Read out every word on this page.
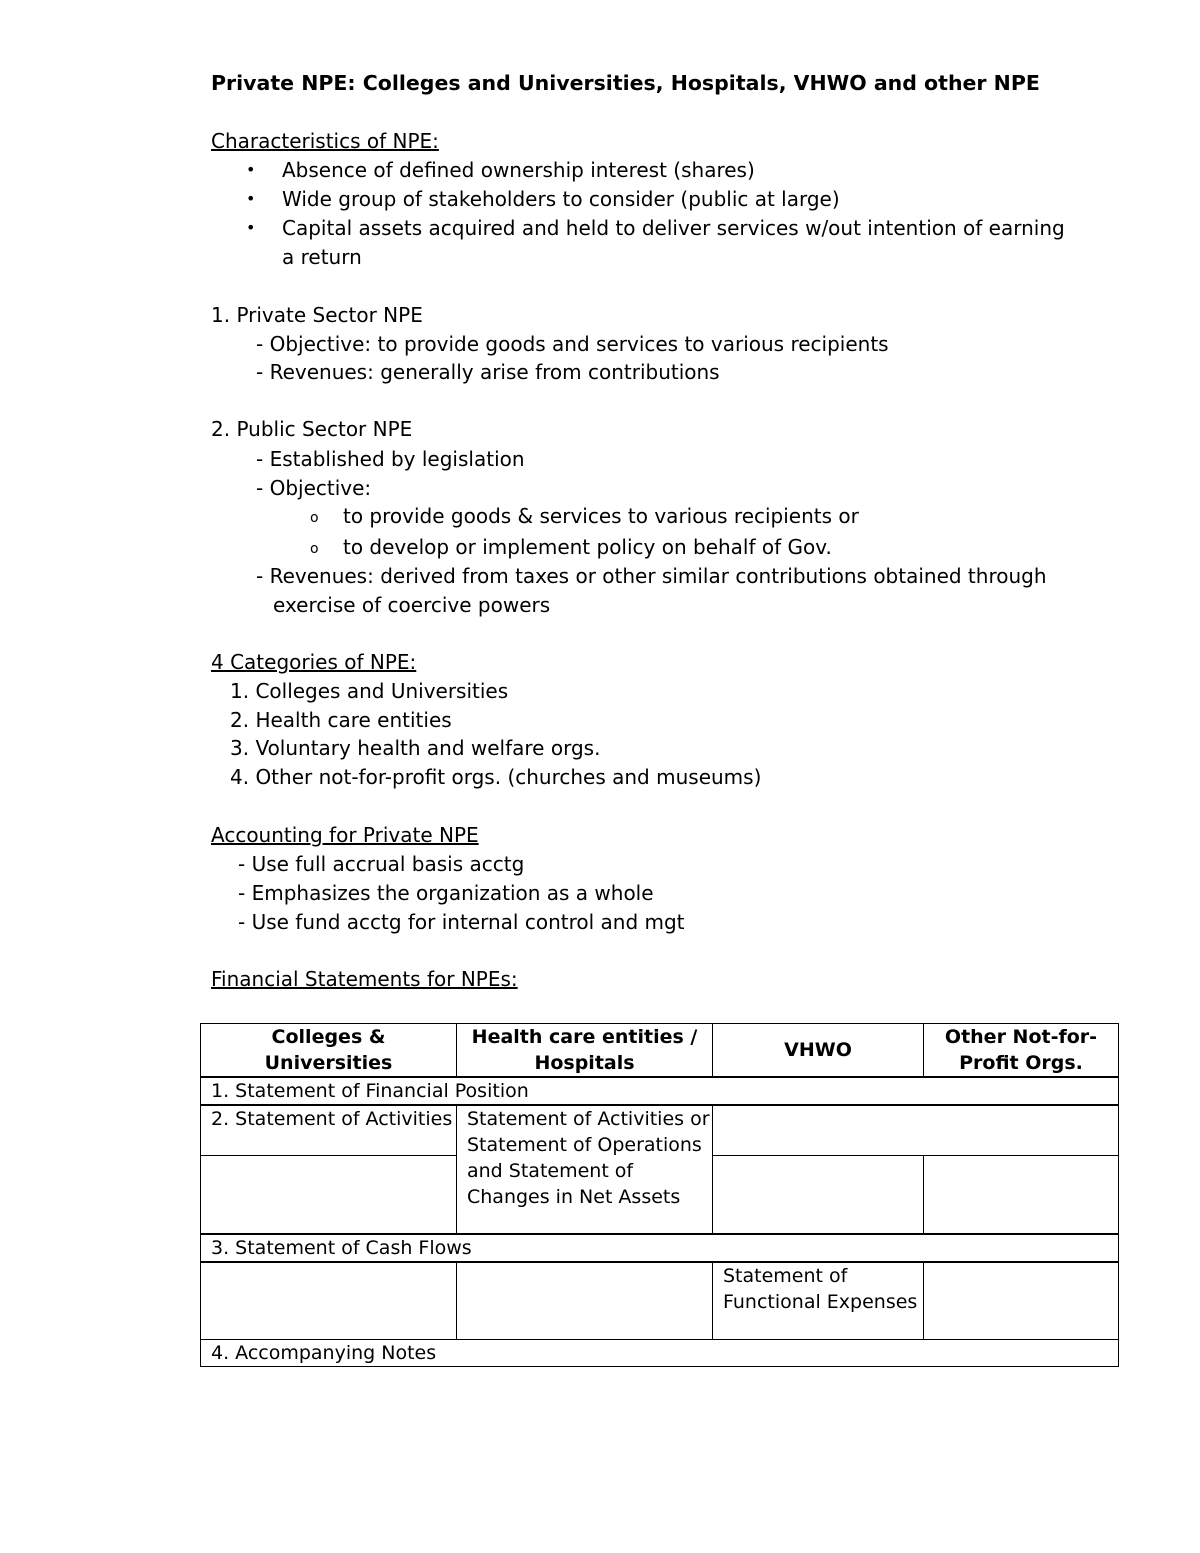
Private NPE: Colleges and Universities, Hospitals, VHWO and other NPE
Characteristics of NPE:
• Absence of defined ownership interest (shares)
• Wide group of stakeholders to consider (public at large)
• Capital assets acquired and held to deliver services w/out intention of earning
a return
1. Private Sector NPE
- Objective: to provide goods and services to various recipients
- Revenues: generally arise from contributions
2. Public Sector NPE
- Established by legislation
- Objective:
o to provide goods & services to various recipients or
o to develop or implement policy on behalf of Gov.
- Revenues: derived from taxes or other similar contributions obtained through
exercise of coercive powers
4 Categories of NPE:
1. Colleges and Universities
2. Health care entities
3. Voluntary health and welfare orgs.
4. Other not-for-profit orgs. (churches and museums)
Accounting for Private NPE
- Use full accrual basis acctg
- Emphasizes the organization as a whole
- Use fund acctg for internal control and mgt
Financial Statements for NPEs:
Colleges & Universities	Health care entities / Hospitals	VHWO	Other Not-for-Profit Orgs.
1. Statement of Financial Position			
2. Statement of Activities	Statement of Activities or Statement of Operations and Statement of Changes in Net Assets		

3. Statement of Cash Flows			
		Statement of Functional Expenses	
4. Accompanying Notes			
